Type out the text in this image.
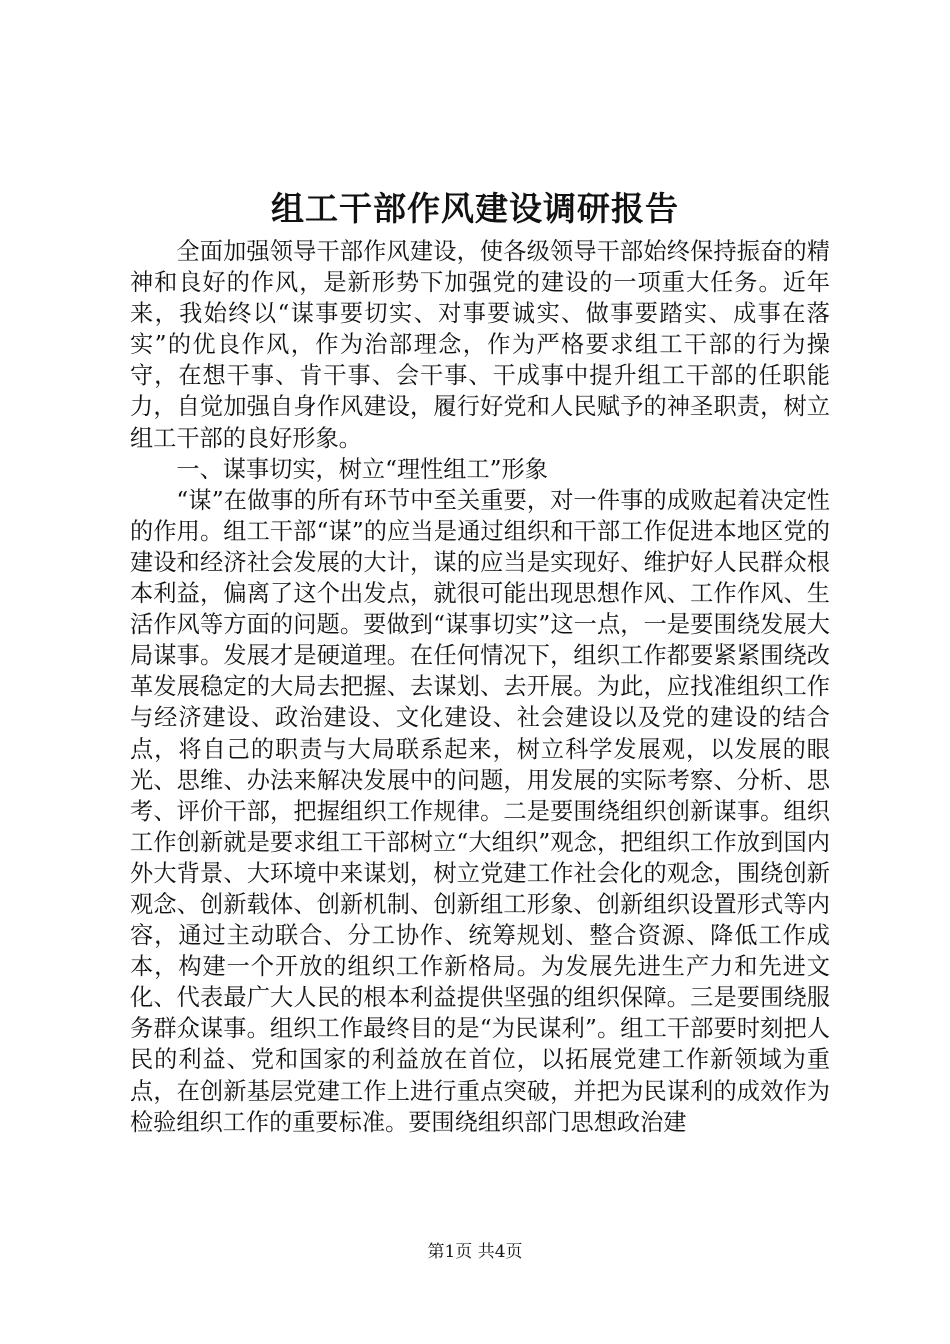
组工干部作风建设调研报告

全面加强领导干部作风建设，使各级领导干部始终保持振奋的精神和良好的作风，是新形势下加强党的建设的一项重大任务。近年来，我始终以“谋事要切实、对事要诚实、做事要踏实、成事在落实”的优良作风，作为治部理念，作为严格要求组工干部的行为操守，在想干事、肯干事、会干事、干成事中提升组工干部的任职能力，自觉加强自身作风建设，履行好党和人民赋予的神圣职责，树立组工干部的良好形象。

一、谋事切实，树立“理性组工”形象

“谋”在做事的所有环节中至关重要，对一件事的成败起着决定性的作用。组工干部“谋”的应当是通过组织和干部工作促进本地区党的建设和经济社会发展的大计，谋的应当是实现好、维护好人民群众根本利益，偏离了这个出发点，就很可能出现思想作风、工作作风、生活作风等方面的问题。要做到“谋事切实”这一点，一是要围绕发展大局谋事。发展才是硬道理。在任何情况下，组织工作都要紧紧围绕改革发展稳定的大局去把握、去谋划、去开展。为此，应找准组织工作与经济建设、政治建设、文化建设、社会建设以及党的建设的结合点，将自己的职责与大局联系起来，树立科学发展观，以发展的眼光、思维、办法来解决发展中的问题，用发展的实际考察、分析、思考、评价干部，把握组织工作规律。二是要围绕组织创新谋事。组织工作创新就是要求组工干部树立“大组织”观念，把组织工作放到国内外大背景、大环境中来谋划，树立党建工作社会化的观念，围绕创新观念、创新载体、创新机制、创新组工形象、创新组织设置形式等内容，通过主动联合、分工协作、统筹规划、整合资源、降低工作成本，构建一个开放的组织工作新格局。为发展先进生产力和先进文化、代表最广大人民的根本利益提供坚强的组织保障。三是要围绕服务群众谋事。组织工作最终目的是“为民谋利”。组工干部要时刻把人民的利益、党和国家的利益放在首位，以拓展党建工作新领域为重点，在创新基层党建工作上进行重点突破，并把为民谋利的成效作为检验组织工作的重要标准。要围绕组织部门思想政治建

第1页 共4页
